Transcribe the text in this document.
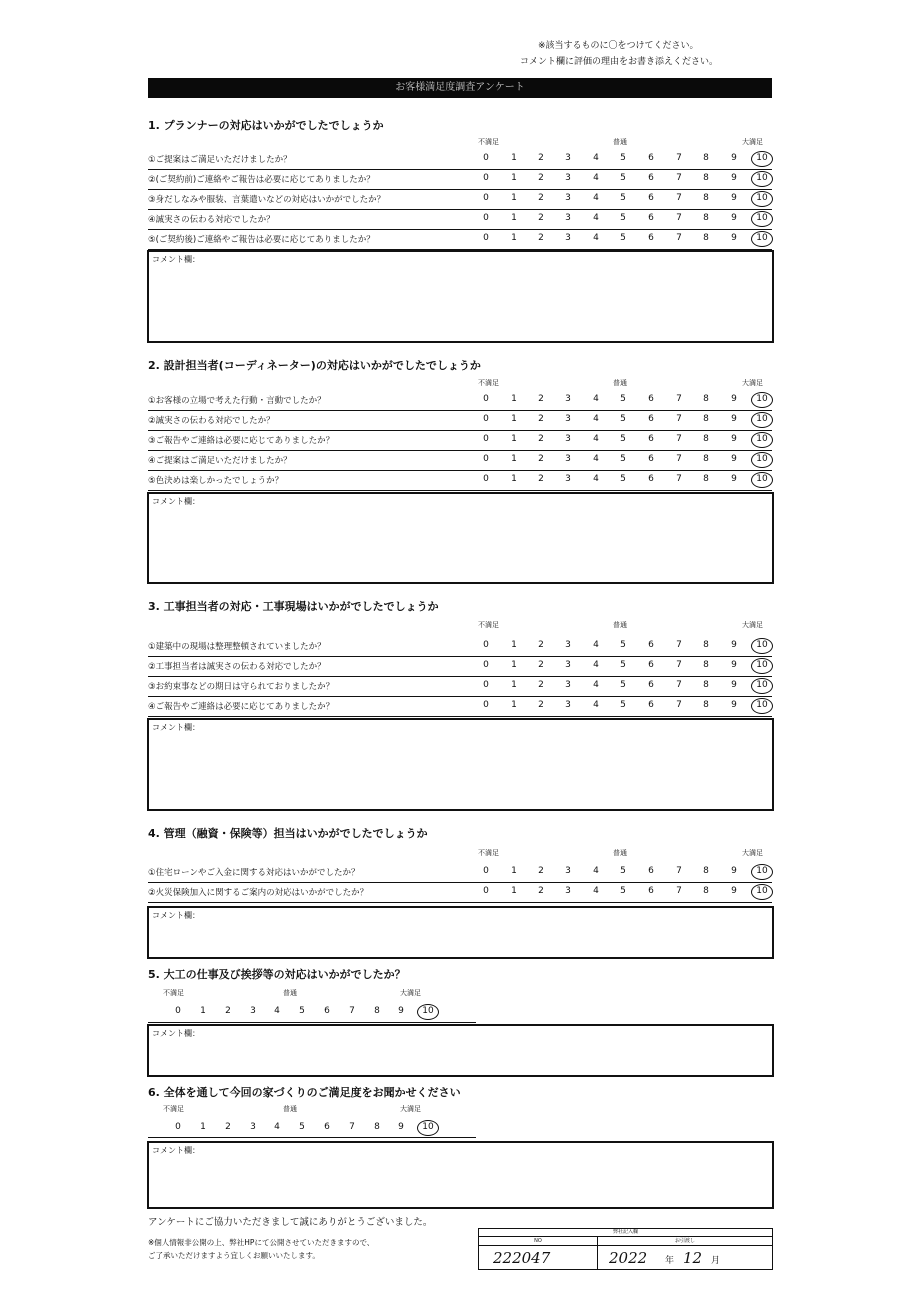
※該当するものに〇をつけてください。
コメント欄に評価の理由をお書き添えください。
お客様満足度調査アンケート
1. プランナーの対応はいかがでしたでしょうか
不満足	普通	大満足
①ご提案はご満足いただけましたか？	0	1	2	3	4	5	6	7	8	9	10
②(ご契約前)ご連絡やご報告は必要に応じてありましたか？	0	1	2	3	4	5	6	7	8	9	10
③身だしなみや服装、言葉遣いなどの対応はいかがでしたか？	0	1	2	3	4	5	6	7	8	9	10
④誠実さの伝わる対応でしたか？	0	1	2	3	4	5	6	7	8	9	10
⑤(ご契約後)ご連絡やご報告は必要に応じてありましたか？	0	1	2	3	4	5	6	7	8	9	10
コメント欄：
2. 設計担当者(コーディネーター)の対応はいかがでしたでしょうか
不満足	普通	大満足
①お客様の立場で考えた行動・言動でしたか？	0	1	2	3	4	5	6	7	8	9	10
②誠実さの伝わる対応でしたか？	0	1	2	3	4	5	6	7	8	9	10
③ご報告やご連絡は必要に応じてありましたか？	0	1	2	3	4	5	6	7	8	9	10
④ご提案はご満足いただけましたか？	0	1	2	3	4	5	6	7	8	9	10
⑤色決めは楽しかったでしょうか？	0	1	2	3	4	5	6	7	8	9	10
コメント欄：
3. 工事担当者の対応・工事現場はいかがでしたでしょうか
不満足	普通	大満足
①建築中の現場は整理整頓されていましたか？	0	1	2	3	4	5	6	7	8	9	10
②工事担当者は誠実さの伝わる対応でしたか？	0	1	2	3	4	5	6	7	8	9	10
③お約束事などの期日は守られておりましたか？	0	1	2	3	4	5	6	7	8	9	10
④ご報告やご連絡は必要に応じてありましたか？	0	1	2	3	4	5	6	7	8	9	10
コメント欄：
4. 管理（融資・保険等）担当はいかがでしたでしょうか
不満足	普通	大満足
①住宅ローンやご入金に関する対応はいかがでしたか？	0	1	2	3	4	5	6	7	8	9	10
②火災保険加入に関するご案内の対応はいかがでしたか？	0	1	2	3	4	5	6	7	8	9	10
コメント欄：
5. 大工の仕事及び挨拶等の対応はいかがでしたか？
不満足	普通	大満足
0	1	2	3	4	5	6	7	8	9	10
コメント欄：
6. 全体を通して今回の家づくりのご満足度をお聞かせください
不満足	普通	大満足
0	1	2	3	4	5	6	7	8	9	10
コメント欄：
アンケートにご協力いただきまして誠にありがとうございました。
※個人情報非公開の上、弊社HPにて公開させていただきますので、
ご了承いただけますよう宜しくお願いいたします。
弊社記入欄
NO	お引渡し
222047	2022 年 12 月
